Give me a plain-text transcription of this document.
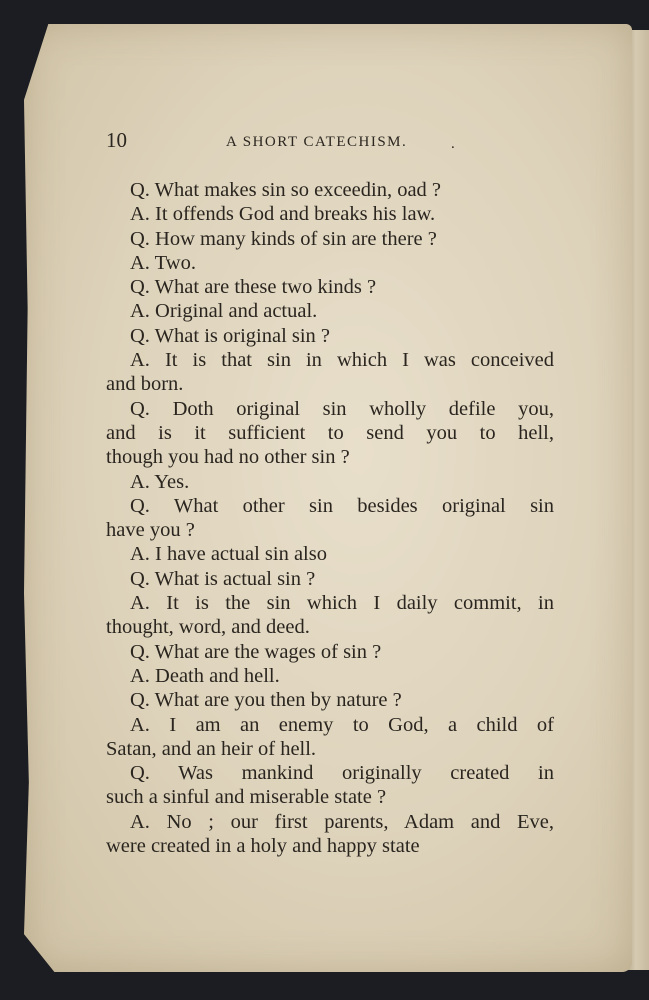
10	A SHORT CATECHISM.	.
Q. What makes sin so exceedin, oad ?
A. It offends God and breaks his law.
Q. How many kinds of sin are there ?
A. Two.
Q. What are these two kinds ?
A. Original and actual.
Q. What is original sin ?
A. It is that sin in which I was conceived
and born.
Q. Doth original sin wholly defile you,
and is it sufficient to send you to hell,
though you had no other sin ?
A. Yes.
Q. What other sin besides original sin
have you ?
A. I have actual sin also
Q. What is actual sin ?
A. It is the sin which I daily commit, in
thought, word, and deed.
Q. What are the wages of sin ?
A. Death and hell.
Q. What are you then by nature ?
A. I am an enemy to God, a child of
Satan, and an heir of hell.
Q. Was mankind originally created in
such a sinful and miserable state ?
A. No ; our first parents, Adam and Eve,
were created in a holy and happy state
